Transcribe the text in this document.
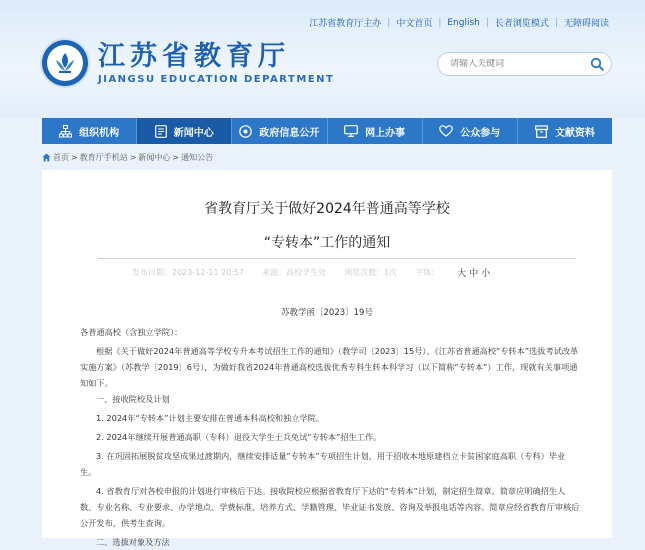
江苏省教育厅主办 | 中文首页 | English | 长者浏览模式 | 无障碍阅读
江苏省教育厅
JIANGSU EDUCATION DEPARTMENT
请输入关键词
组织机构	新闻中心	政府信息公开	网上办事	公众参与	文献资料
首页 > 教育厅手机站 > 新闻中心 > 通知公告
省教育厅关于做好2024年普通高等学校
“专转本”工作的通知
发布日期：2023-12-11 20:57 来源：高校学生处 浏览次数：1次 字体： 大 中 小
苏教学函〔2023〕19号

各普通高校（含独立学院）：

根据《关于做好2024年普通高等学校专升本考试招生工作的通知》（教学司〔2023〕15号）、《江苏省普通高校“专转本”选拔考试改革实施方案》（苏教学〔2019〕6号），为做好我省2024年普通高校选拔优秀专科生转本科学习（以下简称“专转本”）工作，现就有关事项通知如下。

一、接收院校及计划

1. 2024年“专转本”计划主要安排在普通本科高校和独立学院。

2. 2024年继续开展普通高职（专科）退役大学生士兵免试“专转本”招生工作。

3. 在巩固拓展脱贫攻坚成果过渡期内，继续安排适量“专转本”专项招生计划，用于招收本地原建档立卡贫困家庭高职（专科）毕业生。

4. 省教育厅对各校申报的计划进行审核后下达。接收院校应根据省教育厅下达的“专转本”计划，制定招生简章。简章应明确招生人数、专业名称、专业要求、办学地点、学费标准、培养方式、学籍管理、毕业证书发放、咨询及举报电话等内容。简章应经省教育厅审核后公开发布，供考生查询。

二、选拔对象及方法
